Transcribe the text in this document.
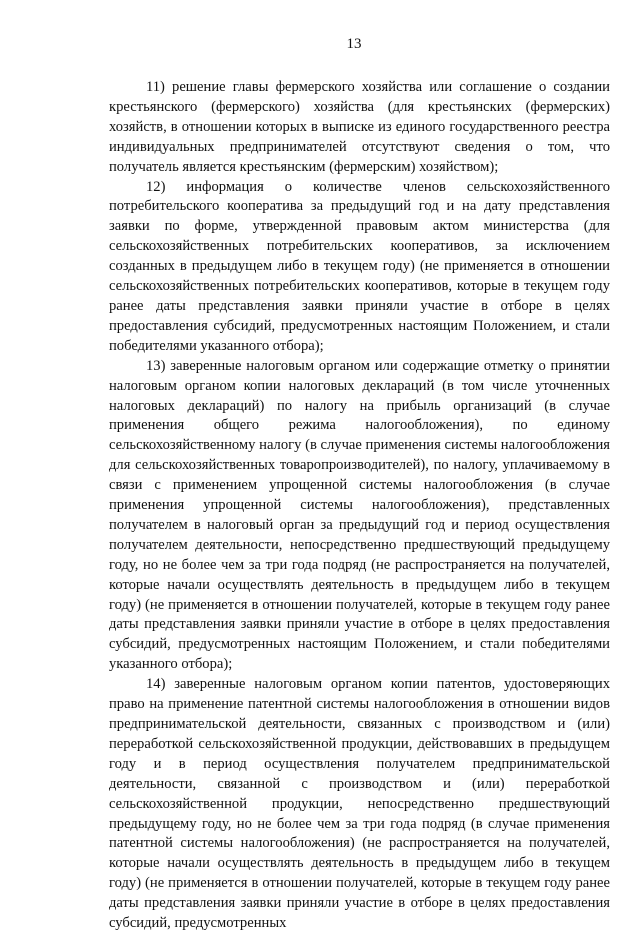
13

11) решение главы фермерского хозяйства или соглашение о создании крестьянского (фермерского) хозяйства (для крестьянских (фермерских) хозяйств, в отношении которых в выписке из единого государственного реестра индивидуальных предпринимателей отсутствуют сведения о том, что получатель является крестьянским (фермерским) хозяйством);

12) информация о количестве членов сельскохозяйственного потребительского кооператива за предыдущий год и на дату представления заявки по форме, утвержденной правовым актом министерства (для сельскохозяйственных потребительских кооперативов, за исключением созданных в предыдущем либо в текущем году) (не применяется в отношении сельскохозяйственных потребительских кооперативов, которые в текущем году ранее даты представления заявки приняли участие в отборе в целях предоставления субсидий, предусмотренных настоящим Положением, и стали победителями указанного отбора);

13) заверенные налоговым органом или содержащие отметку о принятии налоговым органом копии налоговых деклараций (в том числе уточненных налоговых деклараций) по налогу на прибыль организаций (в случае применения общего режима налогообложения), по единому сельскохозяйственному налогу (в случае применения системы налогообложения для сельскохозяйственных товаропроизводителей), по налогу, уплачиваемому в связи с применением упрощенной системы налогообложения (в случае применения упрощенной системы налогообложения), представленных получателем в налоговый орган за предыдущий год и период осуществления получателем деятельности, непосредственно предшествующий предыдущему году, но не более чем за три года подряд (не распространяется на получателей, которые начали осуществлять деятельность в предыдущем либо в текущем году) (не применяется в отношении получателей, которые в текущем году ранее даты представления заявки приняли участие в отборе в целях предоставления субсидий, предусмотренных настоящим Положением, и стали победителями указанного отбора);

14) заверенные налоговым органом копии патентов, удостоверяющих право на применение патентной системы налогообложения в отношении видов предпринимательской деятельности, связанных с производством и (или) переработкой сельскохозяйственной продукции, действовавших в предыдущем году и в период осуществления получателем предпринимательской деятельности, связанной с производством и (или) переработкой сельскохозяйственной продукции, непосредственно предшествующий предыдущему году, но не более чем за три года подряд (в случае применения патентной системы налогообложения) (не распространяется на получателей, которые начали осуществлять деятельность в предыдущем либо в текущем году) (не применяется в отношении получателей, которые в текущем году ранее даты представления заявки приняли участие в отборе в целях предоставления субсидий, предусмотренных
